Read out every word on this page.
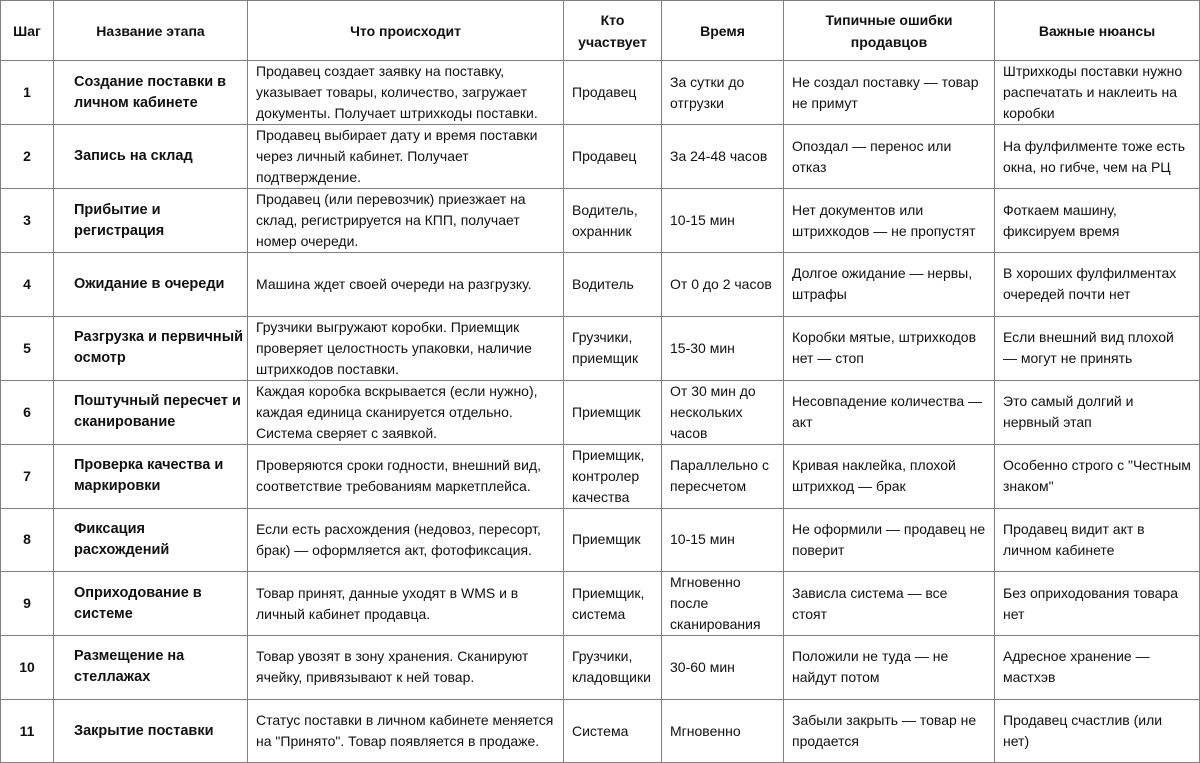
Шаг	Название этапа	Что происходит	Кто участвует	Время	Типичные ошибки продавцов	Важные нюансы
1	Создание поставки в личном кабинете	Продавец создает заявку на поставку, указывает товары, количество, загружает документы. Получает штрихкоды поставки.	Продавец	За сутки до отгрузки	Не создал поставку — товар не примут	Штрихкоды поставки нужно распечатать и наклеить на коробки
2	Запись на склад	Продавец выбирает дату и время поставки через личный кабинет. Получает подтверждение.	Продавец	За 24-48 часов	Опоздал — перенос или отказ	На фулфилменте тоже есть окна, но гибче, чем на РЦ
3	Прибытие и регистрация	Продавец (или перевозчик) приезжает на склад, регистрируется на КПП, получает номер очереди.	Водитель, охранник	10-15 мин	Нет документов или штрихкодов — не пропустят	Фоткаем машину, фиксируем время
4	Ожидание в очереди	Машина ждет своей очереди на разгрузку.	Водитель	От 0 до 2 часов	Долгое ожидание — нервы, штрафы	В хороших фулфилментах очередей почти нет
5	Разгрузка и первичный осмотр	Грузчики выгружают коробки. Приемщик проверяет целостность упаковки, наличие штрихкодов поставки.	Грузчики, приемщик	15-30 мин	Коробки мятые, штрихкодов нет — стоп	Если внешний вид плохой — могут не принять
6	Поштучный пересчет и сканирование	Каждая коробка вскрывается (если нужно), каждая единица сканируется отдельно. Система сверяет с заявкой.	Приемщик	От 30 мин до нескольких часов	Несовпадение количества — акт	Это самый долгий и нервный этап
7	Проверка качества и маркировки	Проверяются сроки годности, внешний вид, соответствие требованиям маркетплейса.	Приемщик, контролер качества	Параллельно с пересчетом	Кривая наклейка, плохой штрихкод — брак	Особенно строго с "Честным знаком"
8	Фиксация расхождений	Если есть расхождения (недовоз, пересорт, брак) — оформляется акт, фотофиксация.	Приемщик	10-15 мин	Не оформили — продавец не поверит	Продавец видит акт в личном кабинете
9	Оприходование в системе	Товар принят, данные уходят в WMS и в личный кабинет продавца.	Приемщик, система	Мгновенно после сканирования	Зависла система — все стоят	Без оприходования товара нет
10	Размещение на стеллажах	Товар увозят в зону хранения. Сканируют ячейку, привязывают к ней товар.	Грузчики, кладовщики	30-60 мин	Положили не туда — не найдут потом	Адресное хранение — мастхэв
11	Закрытие поставки	Статус поставки в личном кабинете меняется на "Принято". Товар появляется в продаже.	Система	Мгновенно	Забыли закрыть — товар не продается	Продавец счастлив (или нет)
